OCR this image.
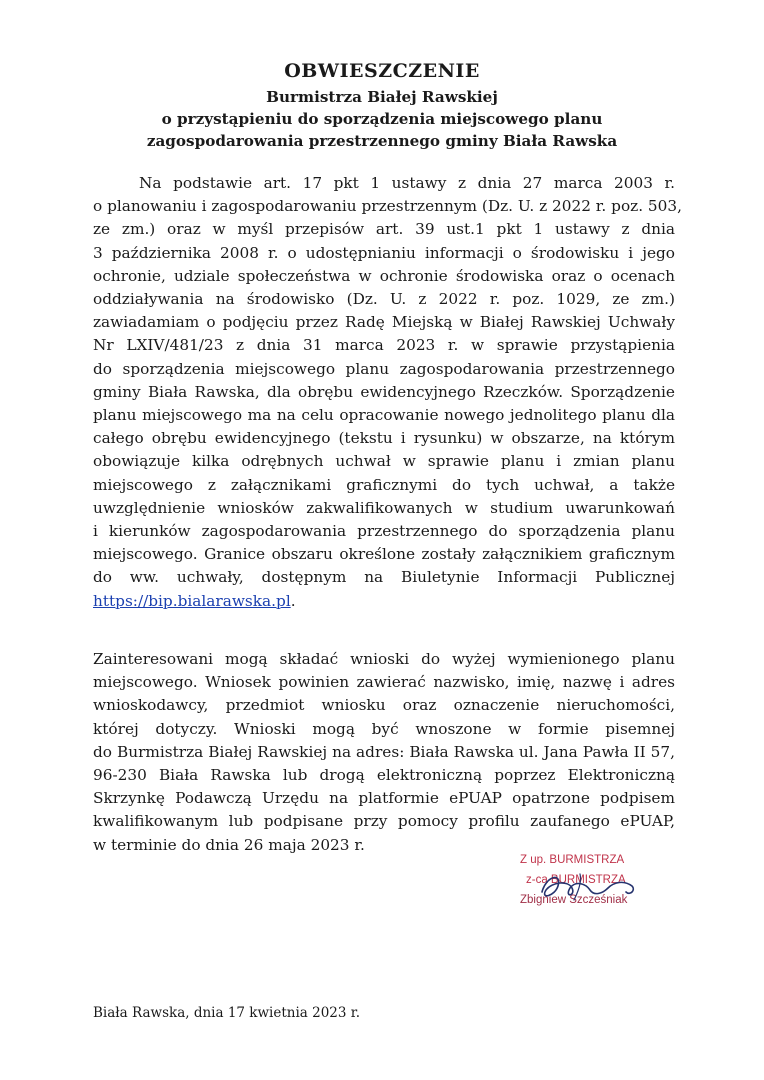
OBWIESZCZENIE
Burmistrza Białej Rawskiej
o przystąpieniu do sporządzenia miejscowego planu
zagospodarowania przestrzennego gminy Biała Rawska
Na podstawie art. 17 pkt 1 ustawy z dnia 27 marca 2003 r.
o planowaniu i zagospodarowaniu przestrzennym (Dz. U. z 2022 r. poz. 503,
ze zm.) oraz w myśl przepisów art. 39 ust.1 pkt 1 ustawy z dnia
3 października 2008 r. o udostępnianiu informacji o środowisku i jego
ochronie, udziale społeczeństwa w ochronie środowiska oraz o ocenach
oddziaływania na środowisko (Dz. U. z 2022 r. poz. 1029, ze zm.)
zawiadamiam o podjęciu przez Radę Miejską w Białej Rawskiej Uchwały
Nr LXIV/481/23 z dnia 31 marca 2023 r. w sprawie przystąpienia
do sporządzenia miejscowego planu zagospodarowania przestrzennego
gminy Biała Rawska, dla obrębu ewidencyjnego Rzeczków. Sporządzenie
planu miejscowego ma na celu opracowanie nowego jednolitego planu dla
całego obrębu ewidencyjnego (tekstu i rysunku) w obszarze, na którym
obowiązuje kilka odrębnych uchwał w sprawie planu i zmian planu
miejscowego z załącznikami graficznymi do tych uchwał, a także
uwzględnienie wniosków zakwalifikowanych w studium uwarunkowań
i kierunków zagospodarowania przestrzennego do sporządzenia planu
miejscowego. Granice obszaru określone zostały załącznikiem graficznym
do ww. uchwały, dostępnym na Biuletynie Informacji Publicznej
https://bip.bialarawska.pl.
Zainteresowani mogą składać wnioski do wyżej wymienionego planu
miejscowego. Wniosek powinien zawierać nazwisko, imię, nazwę i adres
wnioskodawcy, przedmiot wniosku oraz oznaczenie nieruchomości,
której dotyczy. Wnioski mogą być wnoszone w formie pisemnej
do Burmistrza Białej Rawskiej na adres: Biała Rawska ul. Jana Pawła II 57,
96-230 Biała Rawska lub drogą elektroniczną poprzez Elektroniczną
Skrzynkę Podawczą Urzędu na platformie ePUAP opatrzone podpisem
kwalifikowanym lub podpisane przy pomocy profilu zaufanego ePUAP,
w terminie do dnia 26 maja 2023 r.
Z up. BURMISTRZA
z-ca BURMISTRZA
Zbigniew Szcześniak
Biała Rawska, dnia 17 kwietnia 2023 r.
